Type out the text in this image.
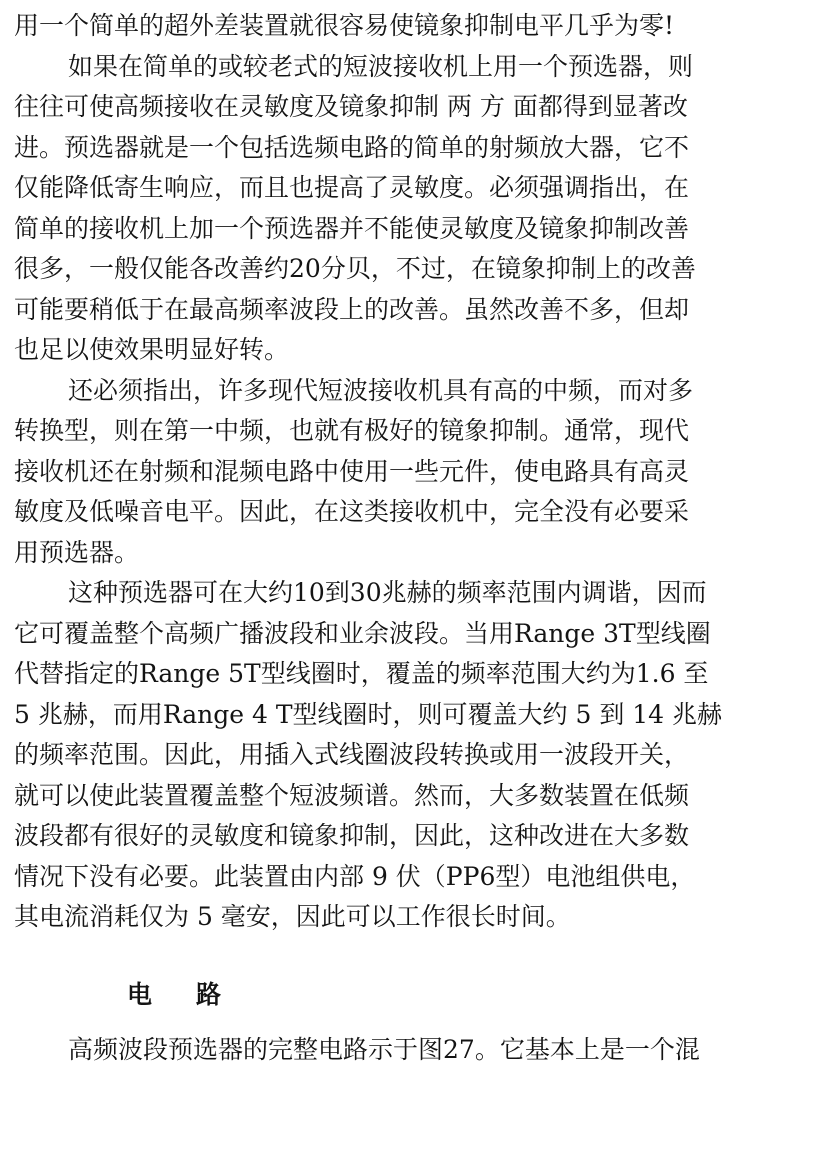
用一个简单的超外差装置就很容易使镜象抑制电平几乎为零!
如果在简单的或较老式的短波接收机上用一个预选器，则
往往可使高频接收在灵敏度及镜象抑制 两 方 面都得到显著改
进。预选器就是一个包括选频电路的简单的射频放大器，它不
仅能降低寄生响应，而且也提高了灵敏度。必须强调指出，在
简单的接收机上加一个预选器并不能使灵敏度及镜象抑制改善
很多，一般仅能各改善约20分贝，不过，在镜象抑制上的改善
可能要稍低于在最高频率波段上的改善。虽然改善不多，但却
也足以使效果明显好转。
还必须指出，许多现代短波接收机具有高的中频，而对多
转换型，则在第一中频，也就有极好的镜象抑制。通常，现代
接收机还在射频和混频电路中使用一些元件，使电路具有高灵
敏度及低噪音电平。因此，在这类接收机中，完全没有必要采
用预选器。
这种预选器可在大约10到30兆赫的频率范围内调谐，因而
它可覆盖整个高频广播波段和业余波段。当用Range 3T型线圈
代替指定的Range 5T型线圈时，覆盖的频率范围大约为1.6 至
5 兆赫，而用Range 4 T型线圈时，则可覆盖大约 5 到 14 兆赫
的频率范围。因此，用插入式线圈波段转换或用一波段开关，
就可以使此装置覆盖整个短波频谱。然而，大多数装置在低频
波段都有很好的灵敏度和镜象抑制，因此，这种改进在大多数
情况下没有必要。此装置由内部 9 伏（PP6型）电池组供电，
其电流消耗仅为 5 毫安，因此可以工作很长时间。
电路
高频波段预选器的完整电路示于图27。它基本上是一个混
